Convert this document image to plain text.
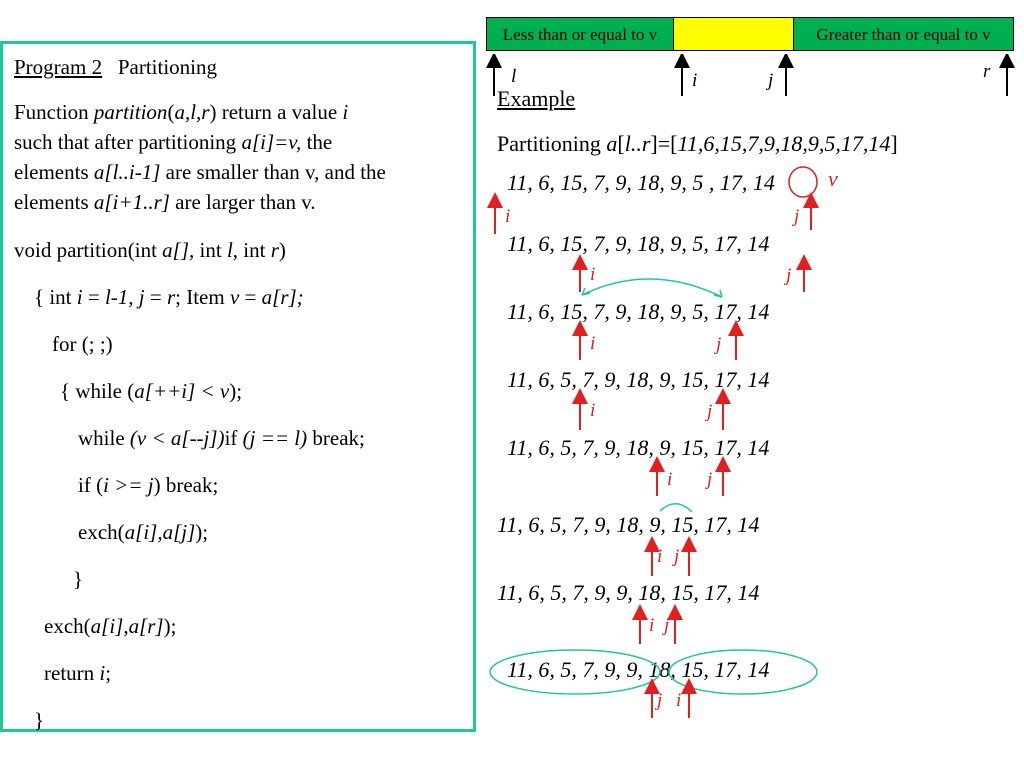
Program 2 Partitioning
Function partition(a,l,r) return a value i
such that after partitioning a[i]=v, the
elements a[l..i-1] are smaller than v, and the
elements a[i+1..r] are larger than v.
void partition(int a[], int l, int r)
{ int i = l-1, j = r; Item v = a[r];
for (; ;)
{ while (a[++i] < v);
while (v < a[--j])if (j == l) break;
if (i >= j) break;
exch(a[i],a[j]);
}
exch(a[i],a[r]);
return i;
}
Less than or equal to v	Greater than or equal to v
l	i	j	r
Example
Partitioning a[l..r]=[11,6,15,7,9,18,9,5,17,14]
11, 6, 15, 7, 9, 18, 9, 5 , 17, 14
11, 6, 15, 7, 9, 18, 9, 5, 17, 14
11, 6, 15, 7, 9, 18, 9, 5, 17, 14
11, 6, 5, 7, 9, 18, 9, 15, 17, 14
11, 6, 5, 7, 9, 18, 9, 15, 17, 14
11, 6, 5, 7, 9, 18, 9, 15, 17, 14
11, 6, 5, 7, 9, 9, 18, 15, 17, 14
11, 6, 5, 7, 9, 9, 18, 15, 17, 14
v
i	j
i	j
i	j
i	j
i j
i j
i j
j i
